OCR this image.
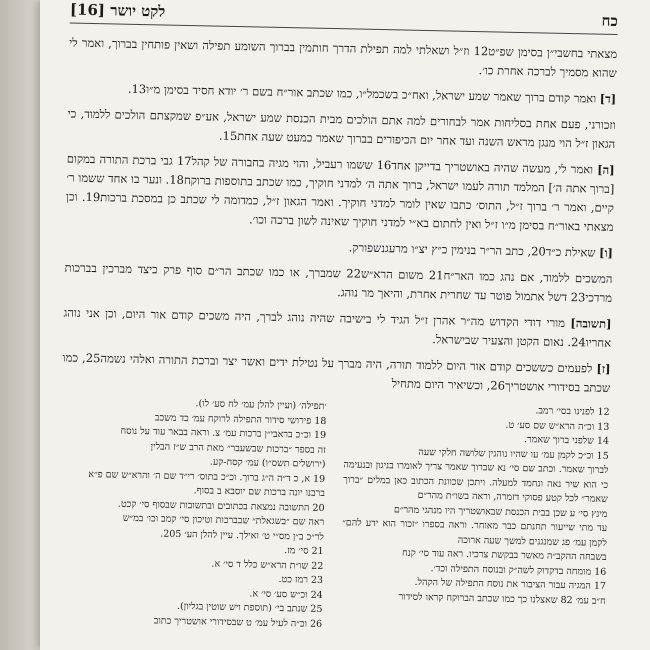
כח
לקט יושר [16]

מצאתי בחשבי״ן בסימן שפ״ט12 וז״ל ושאלתי למה תפילת הדרך חותמין בברוך השומע תפילה ושאין פותחין בברוך, ואמר לי שהוא מסמיך לברכה אחרת כו׳.

[ד] ואמר קודם ברוך שאמר שמע ישראל, ואח״כ בשכמל״ו, כמו שכתב אור״ח בשם ר׳ יודא חסיד בסימן מ״ו13.

וזכורני, פעם אחת בסליחות אמר לבחורים למה אתם הולכים מבית הכנסת שמע ישראל, אע״פ שמקצתם הולכים ללמוד, כי הגאון ז״ל הוי מנגן מראש השנה ועד אחר יום הכיפורים בברוך שאמר כמעט שעה אחת15.

[ה] ואמר לי, מעשה שהיה באושטריך בדייקן אחד16 ששמו רעביל, והוי מגיה בחבורה של קהל17 גבי ברכת התורה במקום [ברוך אתה ה׳] המלמד תורה לעמו ישראל, ברוך אתה ה׳ למדני חוקיך, כמו שכתב בתוספות ברוקח18. ונער בו אחד ששמו ר׳ קיים, ואמר ר׳ ברוך ז״ל, התוס׳ כתבו שאין לומר למדני חוקיך. ואמר הגאון ז״ל, כמדומה לי שכתב כן במסכת ברכות19. וכן מצאתי באור״ח בסימן מ״ו ז״ל ואין לחתום בא״י למדני חוקיך שאינה לשון ברכה וכו׳.

[ו] שאילת כ״ד20, כתב הר״ר בנימין כ״ץ יצ״ו מרעגנשפורק.

המשכים ללמוד, אם נהג כמו האר״ח21 משום הרא״ש22 שמברך, או כמו שכתב הר״ם סוף פרק כיצד מברכין בברכות מרדכי23 דשל אתמול פוטר עד שחרית אחרת, והיאך מר נוהג.

[תשובה] מורי דודי הקדוש מה״ר אהרן ז״ל הגיד לי בישיבה שהיה נוהג לברך, היה משכים קודם אור היום, וכן אני נוהג אחריו24. נאום הקטן והצעיר שבישראל.

[ז] לפעמים כששכים קודם אור היום ללמוד תורה, היה מברך על נטילת ידים ואשר יצר וברכת התורה ואלהי נשמה25, כמו שכתב בסידורי אושטריך26, וכשיאיר היום מתחיל

12 לפנינו בסי׳ רמב.
13 וכ״ה הרא״ש שם סע׳ ט.
14 שלפני ברוך שאמר.
15 וכ״כ לקמן עמ׳ עו שהיו נוהגין שלושה חלקי שעה
לברוך שאמר. וכתב שם סי׳ נא שברוך שאמר צריך לאומרו בניגון ובנעימה כי הוא שיר נאה ונחמד למעלה. ויתכן שכוונת הכתוב כאן במלים ״ברוך שאמר״ לכל קטע פסוקי דזמרה, וראה בשו״ת מהר״ם
מינץ סי׳ ע שכן בבית הכנסת שבאושטריך היו מנהגי מהר״ם
עד מתי שייעור תחנתם כבר מאוחר. וראה בספרו ״זכור הוא ידע להם״ לקמן עמ׳ פג שמנגנים למשך שעה ארוכה
בשבחה ההקב״ה מאשר בבקשת צרכיו. ראה עוד סי׳ קנח
16 מומחה בדקדוק לשה״ק ובנוסח התפילה וכד׳.
17 המגיה עבור הציבור את נוסח התפילה של הקהל.
ח״ב עמ׳ 82 שאצלנו כך כמו שכתב הברוקח קראו לסידור
׳תפילה׳ (ועיין להלן עמ׳ לח סע׳ לו).
18 פירושי סידור התפילה לרוקח עמ׳ כד משכב
19 וכ״כ בראבי״ן ברכות עמ׳ צ. וראה בבאר עוד על נוסח
זה בספר ״ברכות שבשעבר״ מאת הרב ש״ז הבלין
(ירושלים תשס״ו) עמ׳ קסח-קע.
19 א, כ ד״ה ה״ג ברוך. וכ״כ בתוס׳ רי״ד שם ה׳ והרא״ש שם פ״א
ברבנו יונה ברכות שם יוסבא ב בסוף.
20 התשובה נמצאת בכתובים ובתשובות שבסוף סי׳ קכט.
ראה שם ״בשגאלת״ שבברכות וטיכון סי׳ קמב וכו׳ במ״ש
לר״כ ב״ן מס״י ט׳ ואילך. עיין להלן הע׳ 205.
21 סי׳ מז.
22 שו״ת הרא״ש כלל ד סי׳ א.
23 רמז כט.
24 וכ״ש סע׳ סי׳ א.
25 שנתב בי׳ (תוספת ויש שוטין בגליון).
26 וכ״ה לעיל עמ׳ ט שבסידורי אושטריך כתוב
